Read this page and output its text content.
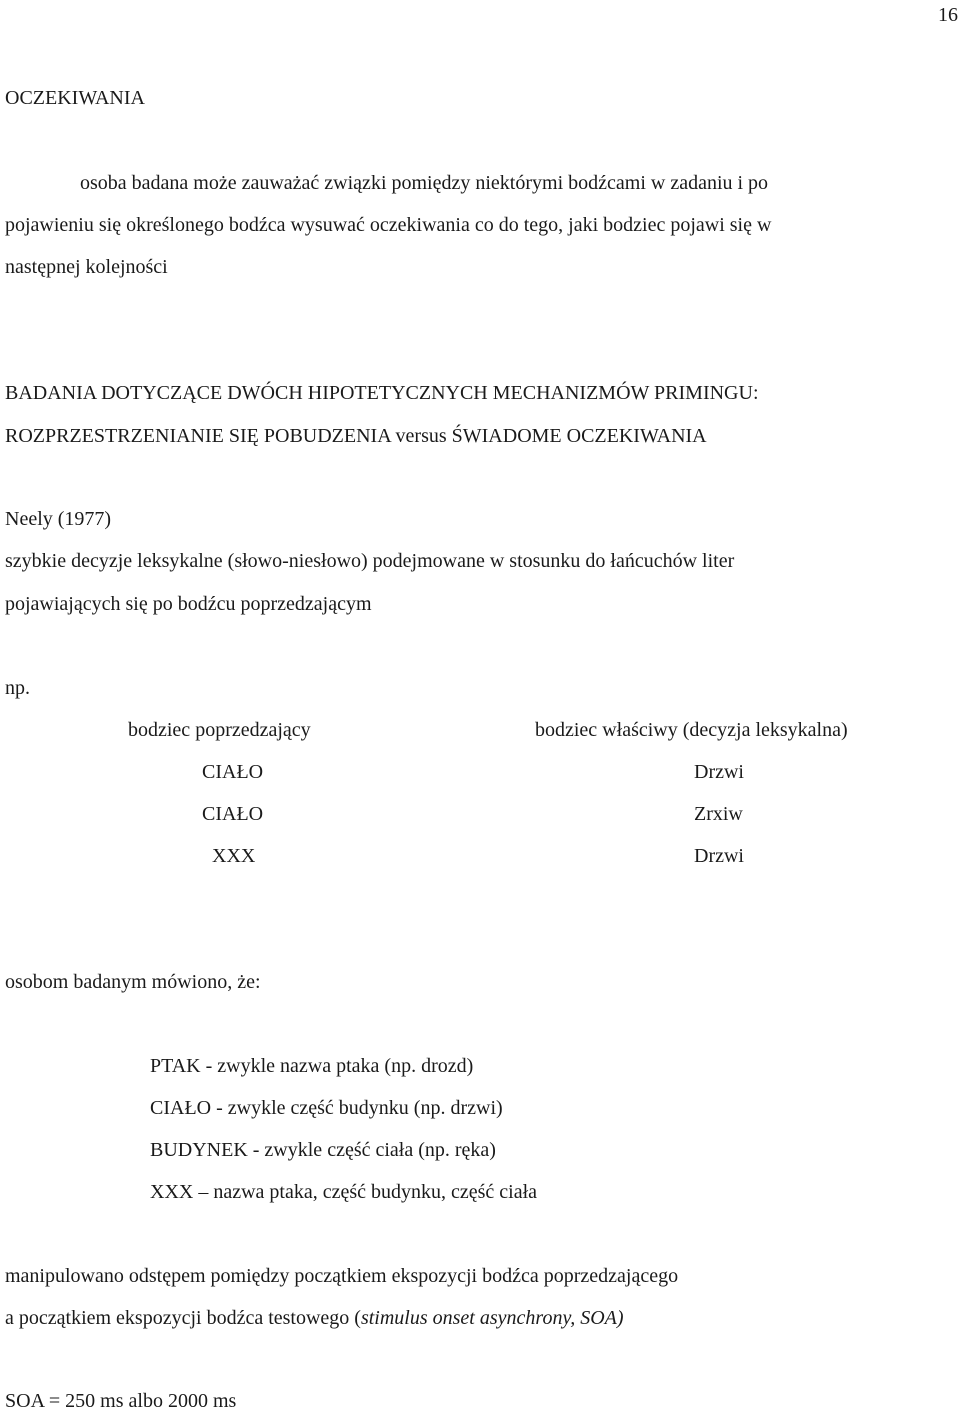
16
OCZEKIWANIA
osoba badana może zauważać związki pomiędzy niektórymi bodźcami w zadaniu i po
pojawieniu się określonego bodźca wysuwać oczekiwania co do tego, jaki bodziec pojawi się w
następnej kolejności
BADANIA DOTYCZĄCE DWÓCH HIPOTETYCZNYCH MECHANIZMÓW PRIMINGU:
ROZPRZESTRZENIANIE SIĘ POBUDZENIA versus ŚWIADOME OCZEKIWANIA
Neely (1977)
szybkie decyzje leksykalne (słowo-niesłowo) podejmowane w stosunku do łańcuchów liter
pojawiających się po bodźcu poprzedzającym
np.
bodziec poprzedzający	bodziec właściwy (decyzja leksykalna)
CIAŁO	Drzwi
CIAŁO	Zrxiw
XXX	Drzwi
osobom badanym mówiono, że:
PTAK - zwykle nazwa ptaka (np. drozd)
CIAŁO - zwykle część budynku (np. drzwi)
BUDYNEK - zwykle część ciała (np. ręka)
XXX – nazwa ptaka, część budynku, część ciała
manipulowano odstępem pomiędzy początkiem ekspozycji bodźca poprzedzającego
a początkiem ekspozycji bodźca testowego (stimulus onset asynchrony, SOA)
SOA = 250 ms albo 2000 ms
